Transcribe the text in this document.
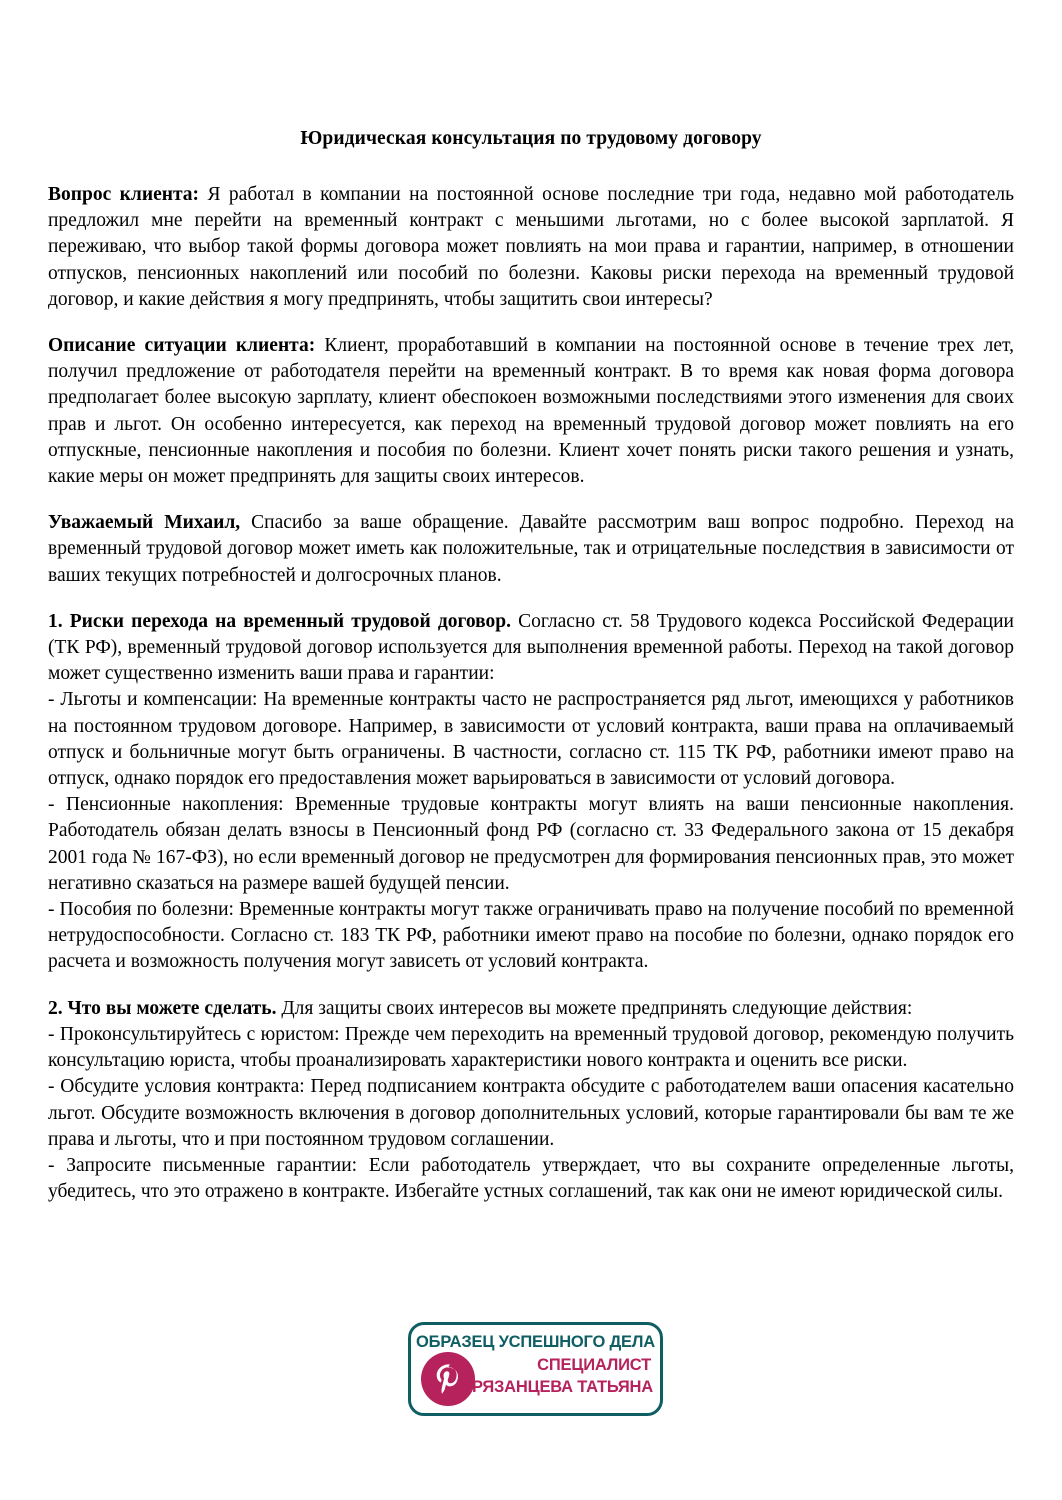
Юридическая консультация по трудовому договору

Вопрос клиента: Я работал в компании на постоянной основе последние три года, недавно мой работодатель предложил мне перейти на временный контракт с меньшими льготами, но с более высокой зарплатой. Я переживаю, что выбор такой формы договора может повлиять на мои права и гарантии, например, в отношении отпусков, пенсионных накоплений или пособий по болезни. Каковы риски перехода на временный трудовой договор, и какие действия я могу предпринять, чтобы защитить свои интересы?

Описание ситуации клиента: Клиент, проработавший в компании на постоянной основе в течение трех лет, получил предложение от работодателя перейти на временный контракт. В то время как новая форма договора предполагает более высокую зарплату, клиент обеспокоен возможными последствиями этого изменения для своих прав и льгот. Он особенно интересуется, как переход на временный трудовой договор может повлиять на его отпускные, пенсионные накопления и пособия по болезни. Клиент хочет понять риски такого решения и узнать, какие меры он может предпринять для защиты своих интересов.

Уважаемый Михаил, Спасибо за ваше обращение. Давайте рассмотрим ваш вопрос подробно. Переход на временный трудовой договор может иметь как положительные, так и отрицательные последствия в зависимости от ваших текущих потребностей и долгосрочных планов.

1. Риски перехода на временный трудовой договор. Согласно ст. 58 Трудового кодекса Российской Федерации (ТК РФ), временный трудовой договор используется для выполнения временной работы. Переход на такой договор может существенно изменить ваши права и гарантии:

- Льготы и компенсации: На временные контракты часто не распространяется ряд льгот, имеющихся у работников на постоянном трудовом договоре. Например, в зависимости от условий контракта, ваши права на оплачиваемый отпуск и больничные могут быть ограничены. В частности, согласно ст. 115 ТК РФ, работники имеют право на отпуск, однако порядок его предоставления может варьироваться в зависимости от условий договора.

- Пенсионные накопления: Временные трудовые контракты могут влиять на ваши пенсионные накопления. Работодатель обязан делать взносы в Пенсионный фонд РФ (согласно ст. 33 Федерального закона от 15 декабря 2001 года № 167-ФЗ), но если временный договор не предусмотрен для формирования пенсионных прав, это может негативно сказаться на размере вашей будущей пенсии.

- Пособия по болезни: Временные контракты могут также ограничивать право на получение пособий по временной нетрудоспособности. Согласно ст. 183 ТК РФ, работники имеют право на пособие по болезни, однако порядок его расчета и возможность получения могут зависеть от условий контракта.

2. Что вы можете сделать. Для защиты своих интересов вы можете предпринять следующие действия:

- Проконсультируйтесь с юристом: Прежде чем переходить на временный трудовой договор, рекомендую получить консультацию юриста, чтобы проанализировать характеристики нового контракта и оценить все риски.

- Обсудите условия контракта: Перед подписанием контракта обсудите с работодателем ваши опасения касательно льгот. Обсудите возможность включения в договор дополнительных условий, которые гарантировали бы вам те же права и льготы, что и при постоянном трудовом соглашении.

- Запросите письменные гарантии: Если работодатель утверждает, что вы сохраните определенные льготы, убедитесь, что это отражено в контракте. Избегайте устных соглашений, так как они не имеют юридической силы.

ОБРАЗЕЦ УСПЕШНОГО ДЕЛА
СПЕЦИАЛИСТ
РЯЗАНЦЕВА ТАТЬЯНА
